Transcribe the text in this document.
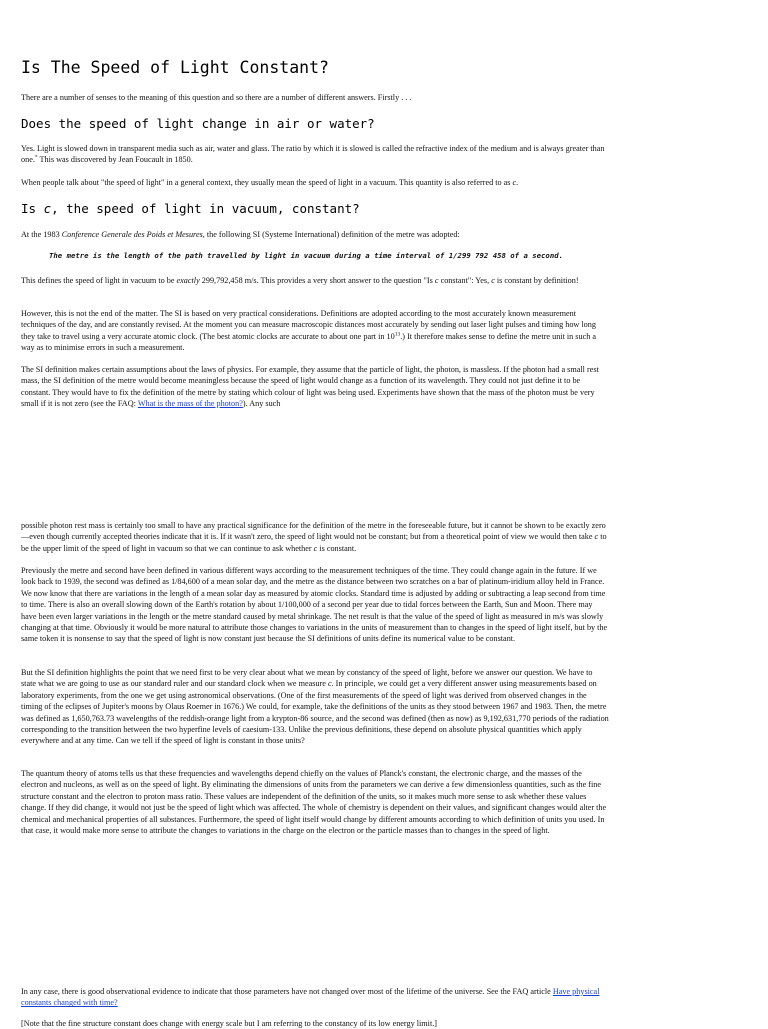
Is The Speed of Light Constant?

There are a number of senses to the meaning of this question and so there are a number of different answers. Firstly . . .

Does the speed of light change in air or water?

Yes. Light is slowed down in transparent media such as air, water and glass. The ratio by which it is slowed is called the refractive index of the medium and is always greater than one.* This was discovered by Jean Foucault in 1850.

When people talk about "the speed of light" in a general context, they usually mean the speed of light in a vacuum. This quantity is also referred to as c.

Is c, the speed of light in vacuum, constant?

At the 1983 Conference Generale des Poids et Mesures, the following SI (Systeme International) definition of the metre was adopted:

The metre is the length of the path travelled by light in vacuum during a time interval of 1/299 792 458 of a second.

This defines the speed of light in vacuum to be exactly 299,792,458 m/s. This provides a very short answer to the question "Is c constant": Yes, c is constant by definition!

However, this is not the end of the matter. The SI is based on very practical considerations. Definitions are adopted according to the most accurately known measurement techniques of the day, and are constantly revised. At the moment you can measure macroscopic distances most accurately by sending out laser light pulses and timing how long they take to travel using a very accurate atomic clock. (The best atomic clocks are accurate to about one part in $10^{13}$.) It therefore makes sense to define the metre unit in such a way as to minimise errors in such a measurement.

The SI definition makes certain assumptions about the laws of physics. For example, they assume that the particle of light, the photon, is massless. If the photon had a small rest mass, the SI definition of the metre would become meaningless because the speed of light would change as a function of its wavelength. They could not just define it to be constant. They would have to fix the definition of the metre by stating which colour of light was being used. Experiments have shown that the mass of the photon must be very small if it is not zero (see the FAQ: What is the mass of the photon?). Any such

possible photon rest mass is certainly too small to have any practical significance for the definition of the metre in the foreseeable future, but it cannot be shown to be exactly zero—even though currently accepted theories indicate that it is. If it wasn't zero, the speed of light would not be constant; but from a theoretical point of view we would then take c to be the upper limit of the speed of light in vacuum so that we can continue to ask whether c is constant.

Previously the metre and second have been defined in various different ways according to the measurement techniques of the time. They could change again in the future. If we look back to 1939, the second was defined as 1/84,600 of a mean solar day, and the metre as the distance between two scratches on a bar of platinum-iridium alloy held in France. We now know that there are variations in the length of a mean solar day as measured by atomic clocks. Standard time is adjusted by adding or subtracting a leap second from time to time. There is also an overall slowing down of the Earth's rotation by about 1/100,000 of a second per year due to tidal forces between the Earth, Sun and Moon. There may have been even larger variations in the length or the metre standard caused by metal shrinkage. The net result is that the value of the speed of light as measured in m/s was slowly changing at that time. Obviously it would be more natural to attribute those changes to variations in the units of measurement than to changes in the speed of light itself, but by the same token it is nonsense to say that the speed of light is now constant just because the SI definitions of units define its numerical value to be constant.

But the SI definition highlights the point that we need first to be very clear about what we mean by constancy of the speed of light, before we answer our question. We have to state what we are going to use as our standard ruler and our standard clock when we measure c. In principle, we could get a very different answer using measurements based on laboratory experiments, from the one we get using astronomical observations. (One of the first measurements of the speed of light was derived from observed changes in the timing of the eclipses of Jupiter's moons by Olaus Roemer in 1676.) We could, for example, take the definitions of the units as they stood between 1967 and 1983. Then, the metre was defined as 1,650,763.73 wavelengths of the reddish-orange light from a krypton-86 source, and the second was defined (then as now) as 9,192,631,770 periods of the radiation corresponding to the transition between the two hyperfine levels of caesium-133. Unlike the previous definitions, these depend on absolute physical quantities which apply everywhere and at any time. Can we tell if the speed of light is constant in those units?

The quantum theory of atoms tells us that these frequencies and wavelengths depend chiefly on the values of Planck's constant, the electronic charge, and the masses of the electron and nucleons, as well as on the speed of light. By eliminating the dimensions of units from the parameters we can derive a few dimensionless quantities, such as the fine structure constant and the electron to proton mass ratio. These values are independent of the definition of the units, so it makes much more sense to ask whether these values change. If they did change, it would not just be the speed of light which was affected. The whole of chemistry is dependent on their values, and significant changes would alter the chemical and mechanical properties of all substances. Furthermore, the speed of light itself would change by different amounts according to which definition of units you used. In that case, it would make more sense to attribute the changes to variations in the charge on the electron or the particle masses than to changes in the speed of light.

In any case, there is good observational evidence to indicate that those parameters have not changed over most of the lifetime of the universe. See the FAQ article Have physical constants changed with time?

[Note that the fine structure constant does change with energy scale but I am referring to the constancy of its low energy limit.]
